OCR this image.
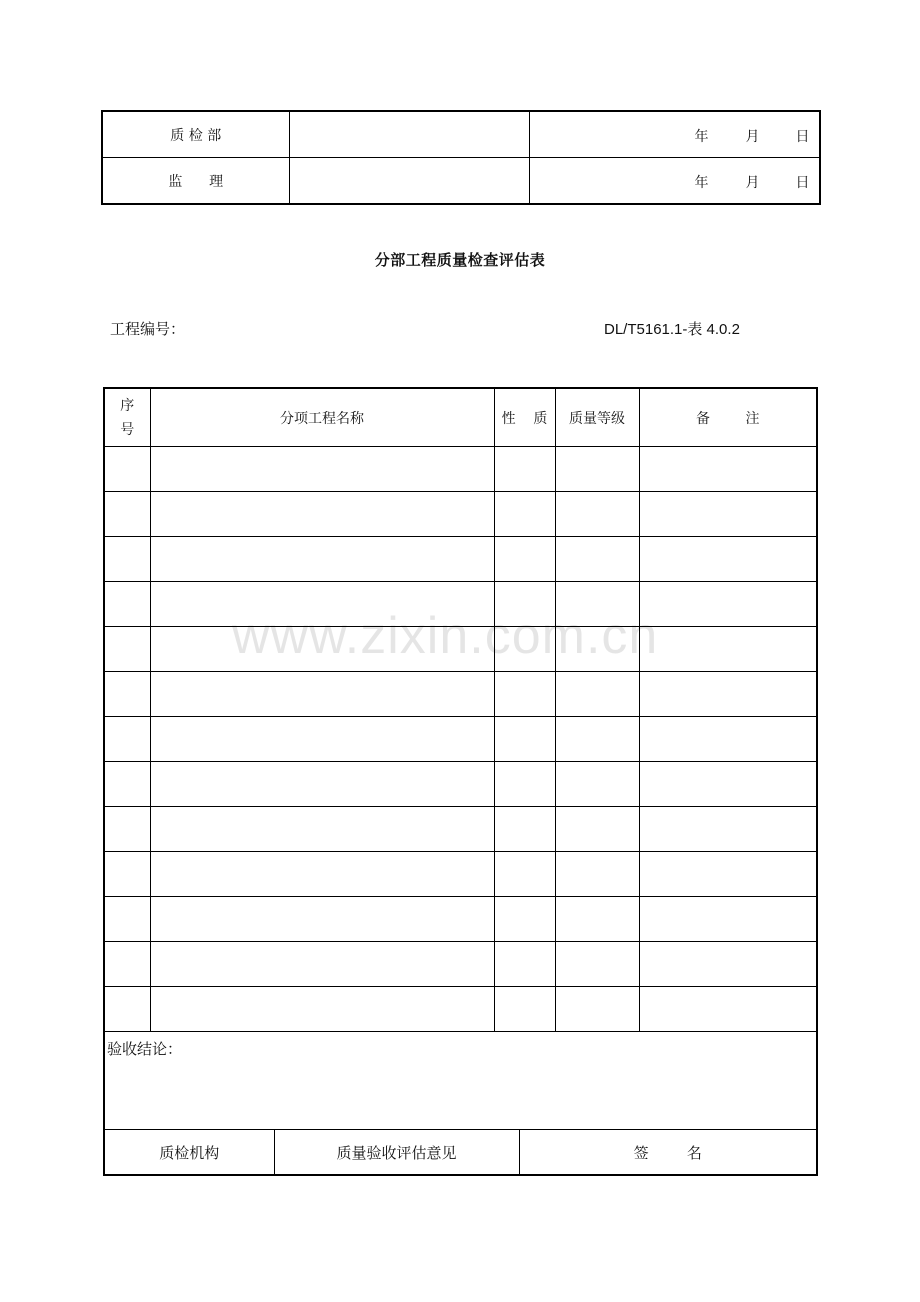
质 检 部		年 月 日

监      理		年 月 日
分部工程质量检查评估表
工程编号：	DL/T5161.1-表 4.0.2
序
号
	分项工程名称	性    质	质量等级	备        注

验收结论：

质检机构	质量验收评估意见	签        名
www.zixin.com.cn
